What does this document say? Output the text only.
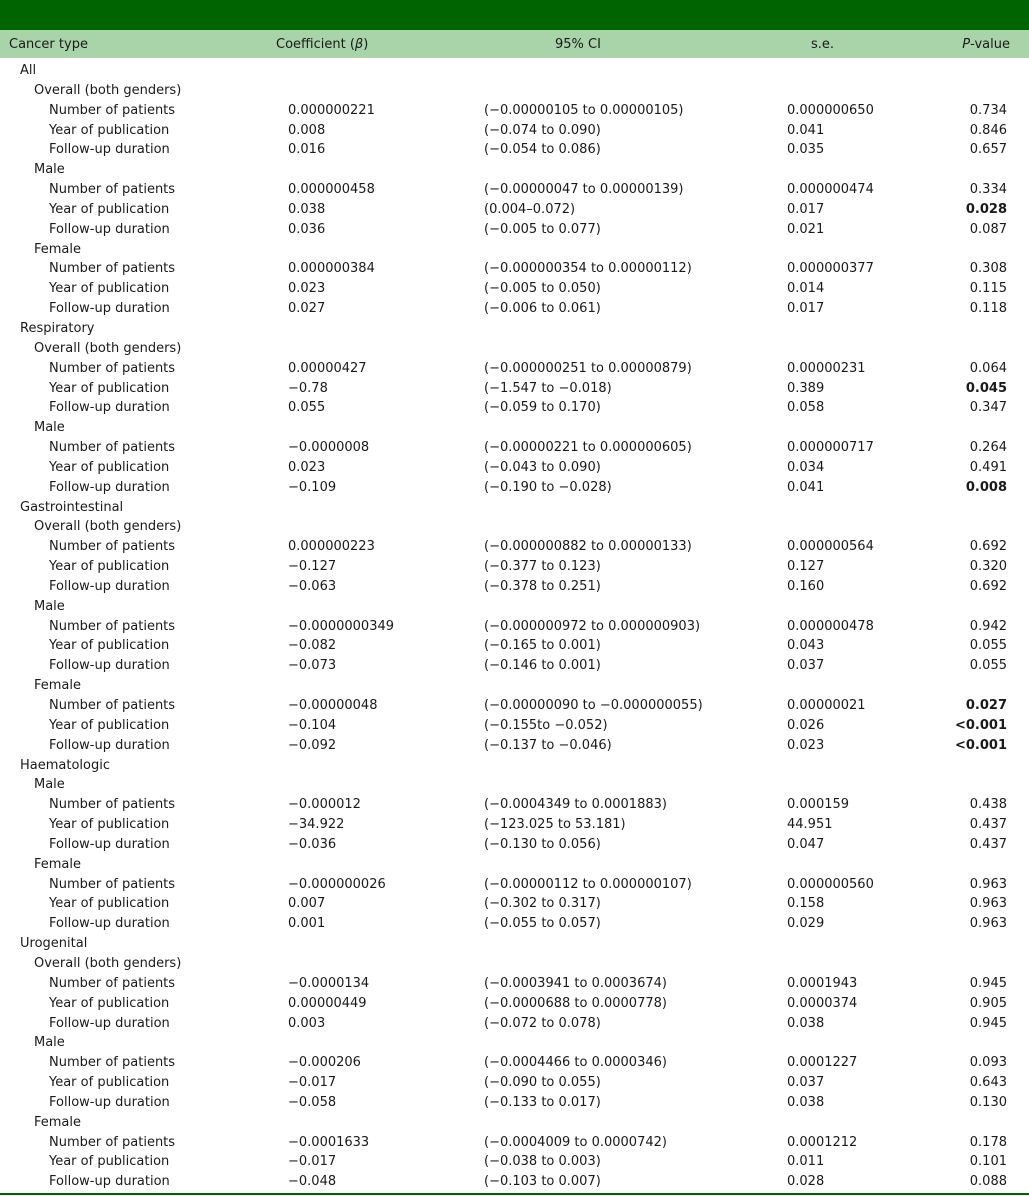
Cancer type	Coefficient (β)	95% CI	s.e.	P-value
All
Overall (both genders)
Number of patients	0.000000221	(−0.00000105 to 0.00000105)	0.000000650	0.734
Year of publication	0.008	(−0.074 to 0.090)	0.041	0.846
Follow-up duration	0.016	(−0.054 to 0.086)	0.035	0.657
Male
Number of patients	0.000000458	(−0.00000047 to 0.00000139)	0.000000474	0.334
Year of publication	0.038	(0.004–0.072)	0.017	0.028
Follow-up duration	0.036	(−0.005 to 0.077)	0.021	0.087
Female
Number of patients	0.000000384	(−0.000000354 to 0.00000112)	0.000000377	0.308
Year of publication	0.023	(−0.005 to 0.050)	0.014	0.115
Follow-up duration	0.027	(−0.006 to 0.061)	0.017	0.118
Respiratory
Overall (both genders)
Number of patients	0.00000427	(−0.000000251 to 0.00000879)	0.00000231	0.064
Year of publication	−0.78	(−1.547 to −0.018)	0.389	0.045
Follow-up duration	0.055	(−0.059 to 0.170)	0.058	0.347
Male
Number of patients	−0.0000008	(−0.00000221 to 0.000000605)	0.000000717	0.264
Year of publication	0.023	(−0.043 to 0.090)	0.034	0.491
Follow-up duration	−0.109	(−0.190 to −0.028)	0.041	0.008
Gastrointestinal
Overall (both genders)
Number of patients	0.000000223	(−0.000000882 to 0.00000133)	0.000000564	0.692
Year of publication	−0.127	(−0.377 to 0.123)	0.127	0.320
Follow-up duration	−0.063	(−0.378 to 0.251)	0.160	0.692
Male
Number of patients	−0.0000000349	(−0.000000972 to 0.000000903)	0.000000478	0.942
Year of publication	−0.082	(−0.165 to 0.001)	0.043	0.055
Follow-up duration	−0.073	(−0.146 to 0.001)	0.037	0.055
Female
Number of patients	−0.00000048	(−0.00000090 to −0.000000055)	0.00000021	0.027
Year of publication	−0.104	(−0.155to −0.052)	0.026	<0.001
Follow-up duration	−0.092	(−0.137 to −0.046)	0.023	<0.001
Haematologic
Male
Number of patients	−0.000012	(−0.0004349 to 0.0001883)	0.000159	0.438
Year of publication	−34.922	(−123.025 to 53.181)	44.951	0.437
Follow-up duration	−0.036	(−0.130 to 0.056)	0.047	0.437
Female
Number of patients	−0.000000026	(−0.00000112 to 0.000000107)	0.000000560	0.963
Year of publication	0.007	(−0.302 to 0.317)	0.158	0.963
Follow-up duration	0.001	(−0.055 to 0.057)	0.029	0.963
Urogenital
Overall (both genders)
Number of patients	−0.0000134	(−0.0003941 to 0.0003674)	0.0001943	0.945
Year of publication	0.00000449	(−0.0000688 to 0.0000778)	0.0000374	0.905
Follow-up duration	0.003	(−0.072 to 0.078)	0.038	0.945
Male
Number of patients	−0.000206	(−0.0004466 to 0.0000346)	0.0001227	0.093
Year of publication	−0.017	(−0.090 to 0.055)	0.037	0.643
Follow-up duration	−0.058	(−0.133 to 0.017)	0.038	0.130
Female
Number of patients	−0.0001633	(−0.0004009 to 0.0000742)	0.0001212	0.178
Year of publication	−0.017	(−0.038 to 0.003)	0.011	0.101
Follow-up duration	−0.048	(−0.103 to 0.007)	0.028	0.088
